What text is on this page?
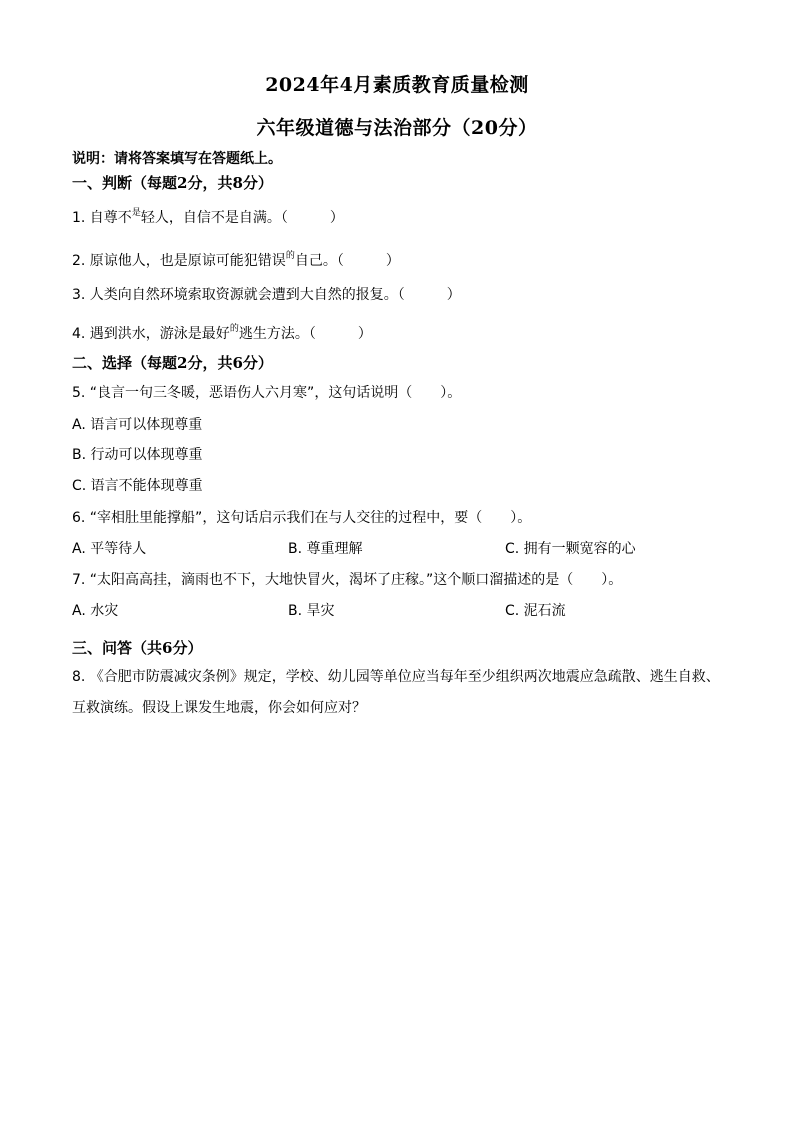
2024年4月素质教育质量检测
六年级道德与法治部分（20分）
说明：请将答案填写在答题纸上。
一、判断（每题2分，共8分）
1. 自尊不$^是$轻人，自信不是自满。（　　　）
2. 原谅他人，也是原谅可能犯错误$^的$自己。（　　　）
3. 人类向自然环境索取资源就会遭到大自然的报复。（　　　）
4. 遇到洪水，游泳是最好$^的$逃生方法。（　　　）
二、选择（每题2分，共6分）
5. “良言一句三冬暖，恶语伤人六月寒”，这句话说明（　　）。
A. 语言可以体现尊重
B. 行动可以体现尊重
C. 语言不能体现尊重
6. “宰相肚里能撑船”，这句话启示我们在与人交往的过程中，要（　　）。
A. 平等待人	B. 尊重理解	C. 拥有一颗宽容的心
7. “太阳高高挂，滴雨也不下，大地快冒火，渴坏了庄稼。”这个顺口溜描述的是（　　）。
A. 水灾	B. 旱灾	C. 泥石流
三、问答（共6分）
8. 《合肥市防震减灾条例》规定，学校、幼儿园等单位应当每年至少组织两次地震应急疏散、逃生自救、
互救演练。假设上课发生地震，你会如何应对？
